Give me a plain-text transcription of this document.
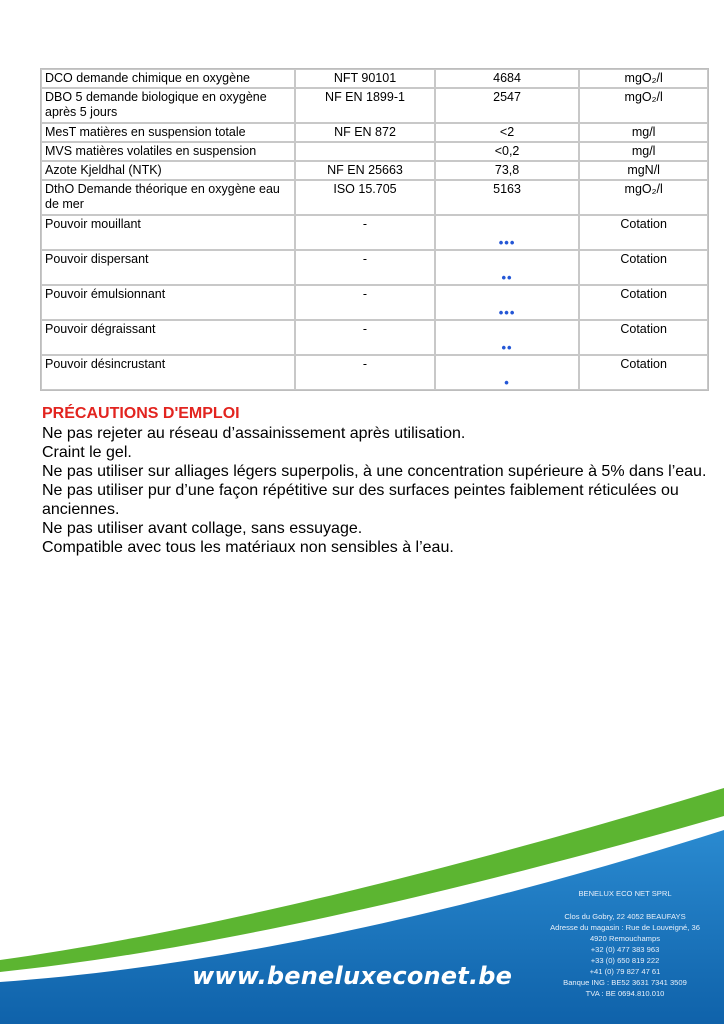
DCO demande chimique en oxygène	NFT 90101	4684	mgO₂/l
DBO 5 demande biologique en oxygène après 5 jours	NF EN 1899-1	2547	mgO₂/l
MesT matières en suspension totale	NF EN 872	<2	mg/l
MVS matières volatiles en suspension		<0,2	mg/l
Azote Kjeldhal (NTK)	NF EN 25663	73,8	mgN/l
DthO Demande théorique en oxygène eau de mer	ISO 15.705	5163	mgO₂/l
Pouvoir mouillant	-	•••	Cotation
Pouvoir dispersant	-	••	Cotation
Pouvoir émulsionnant	-	•••	Cotation
Pouvoir dégraissant	-	••	Cotation
Pouvoir désincrustant	-	•	Cotation

PRÉCAUTIONS D'EMPLOI

Ne pas rejeter au réseau d’assainissement après utilisation.

Craint le gel.

Ne pas utiliser sur alliages légers superpolis, à une concentration supérieure à 5% dans l’eau.

Ne pas utiliser pur d’une façon répétitive sur des surfaces peintes faiblement réticulées ou anciennes.

Ne pas utiliser avant collage, sans essuyage.

Compatible avec tous les matériaux non sensibles à l’eau.

www.beneluxeconet.be
BENELUX ECO NET SPRL
Clos du Gobry, 22 4052 BEAUFAYS
Adresse du magasin : Rue de Louveigné, 36
4920 Remouchamps
+32 (0) 477 383 963
+33 (0) 650 819 222
+41 (0) 79 827 47 61
Banque ING : BE52 3631 7341 3509
TVA : BE 0694.810.010
